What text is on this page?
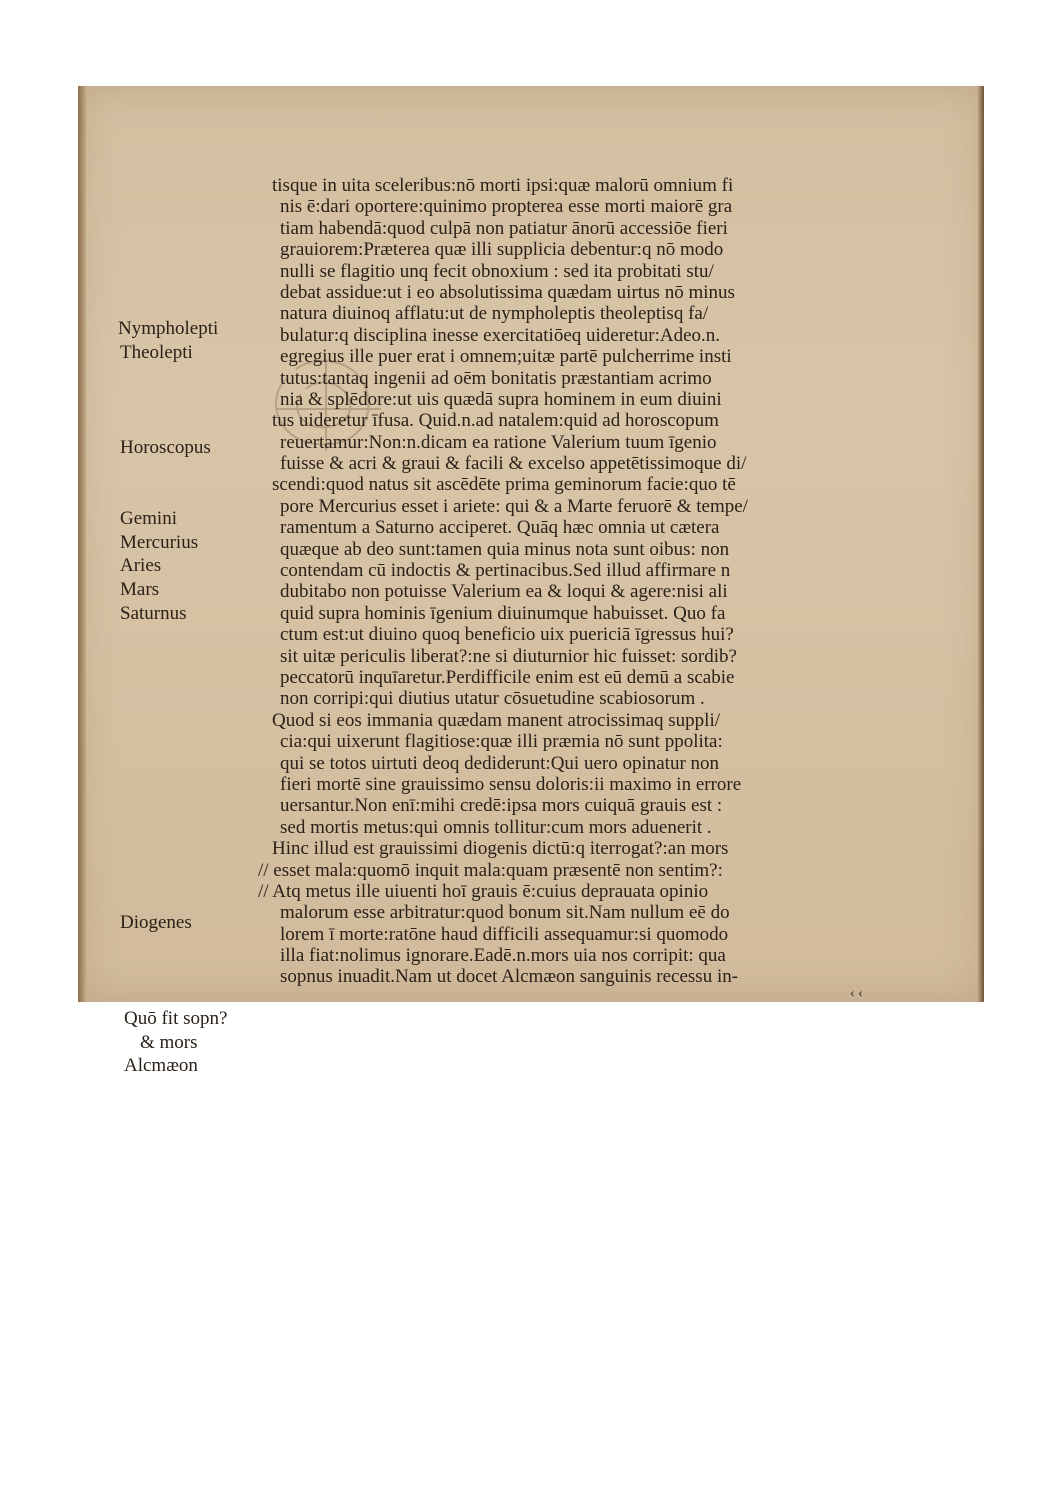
tisque in uita sceleribus:nō morti ipsi:quæ malorū omnium fi
nis ē:dari oportere:quinimo propterea esse morti maiorē gra
tiam habendā:quod culpā non patiatur ānorū accessiōe fieri
grauiorem:Præterea quæ illi supplicia debentur:q nō modo
nulli se flagitio unq fecit obnoxium : sed ita probitati stu/
debat assidue:ut i eo absolutissima quædam uirtus nō minus
natura diuinoq afflatu:ut de nympholeptis theoleptisq fa/
bulatur:q disciplina inesse exercitatiōeq uideretur:Adeo.n.
egregius ille puer erat i omnem;uitæ partē pulcherrime insti
tutus:tantaq ingenii ad oēm bonitatis præstantiam acrimo
nia & splēdore:ut uis quædā supra hominem in eum diuini
tus uideretur īfusa. Quid.n.ad natalem:quid ad horoscopum
reuertamur:Non:n.dicam ea ratione Valerium tuum īgenio
fuisse & acri & graui & facili & excelso appetētissimoque di/
scendi:quod natus sit ascēdēte prima geminorum facie:quo tē
pore Mercurius esset i ariete: qui & a Marte feruorē & tempe/
ramentum a Saturno acciperet. Quāq hæc omnia ut cætera
quæque ab deo sunt:tamen quia minus nota sunt oibus: non
contendam cū indoctis & pertinacibus.Sed illud affirmare n
dubitabo non potuisse Valerium ea & loqui & agere:nisi ali
quid supra hominis īgenium diuinumque habuisset. Quo fa
ctum est:ut diuino quoq beneficio uix puericiā īgressus hui?
sit uitæ periculis liberat?:ne si diuturnior hic fuisset: sordib?
peccatorū inquīaretur.Perdifficile enim est eū demū a scabie
non corripi:qui diutius utatur cōsuetudine scabiosorum .
Quod si eos immania quædam manent atrocissimaq suppli/
cia:qui uixerunt flagitiose:quæ illi præmia nō sunt ppolita:
qui se totos uirtuti deoq dediderunt:Qui uero opinatur non
fieri mortē sine grauissimo sensu doloris:ii maximo in errore
uersantur.Non enī:mihi credē:ipsa mors cuiquā grauis est :
sed mortis metus:qui omnis tollitur:cum mors aduenerit .
Hinc illud est grauissimi diogenis dictū:q iterrogat?:an mors
// esset mala:quomō inquit mala:quam præsentē non sentim?:
// Atq metus ille uiuenti hoī grauis ē:cuius deprauata opinio
malorum esse arbitratur:quod bonum sit.Nam nullum eē do
lorem ī morte:ratōne haud difficili assequamur:si quomodo
illa fiat:nolimus ignorare.Eadē.n.mors uia nos corripit: qua
sopnus inuadit.Nam ut docet Alcmæon sanguinis recessu in-
Nympholepti
Theolepti
Horoscopus
Gemini
Mercurius
Aries
Mars
Saturnus
Diogenes
Quō fit sopn?
& mors
Alcmæon
‹ ‹
